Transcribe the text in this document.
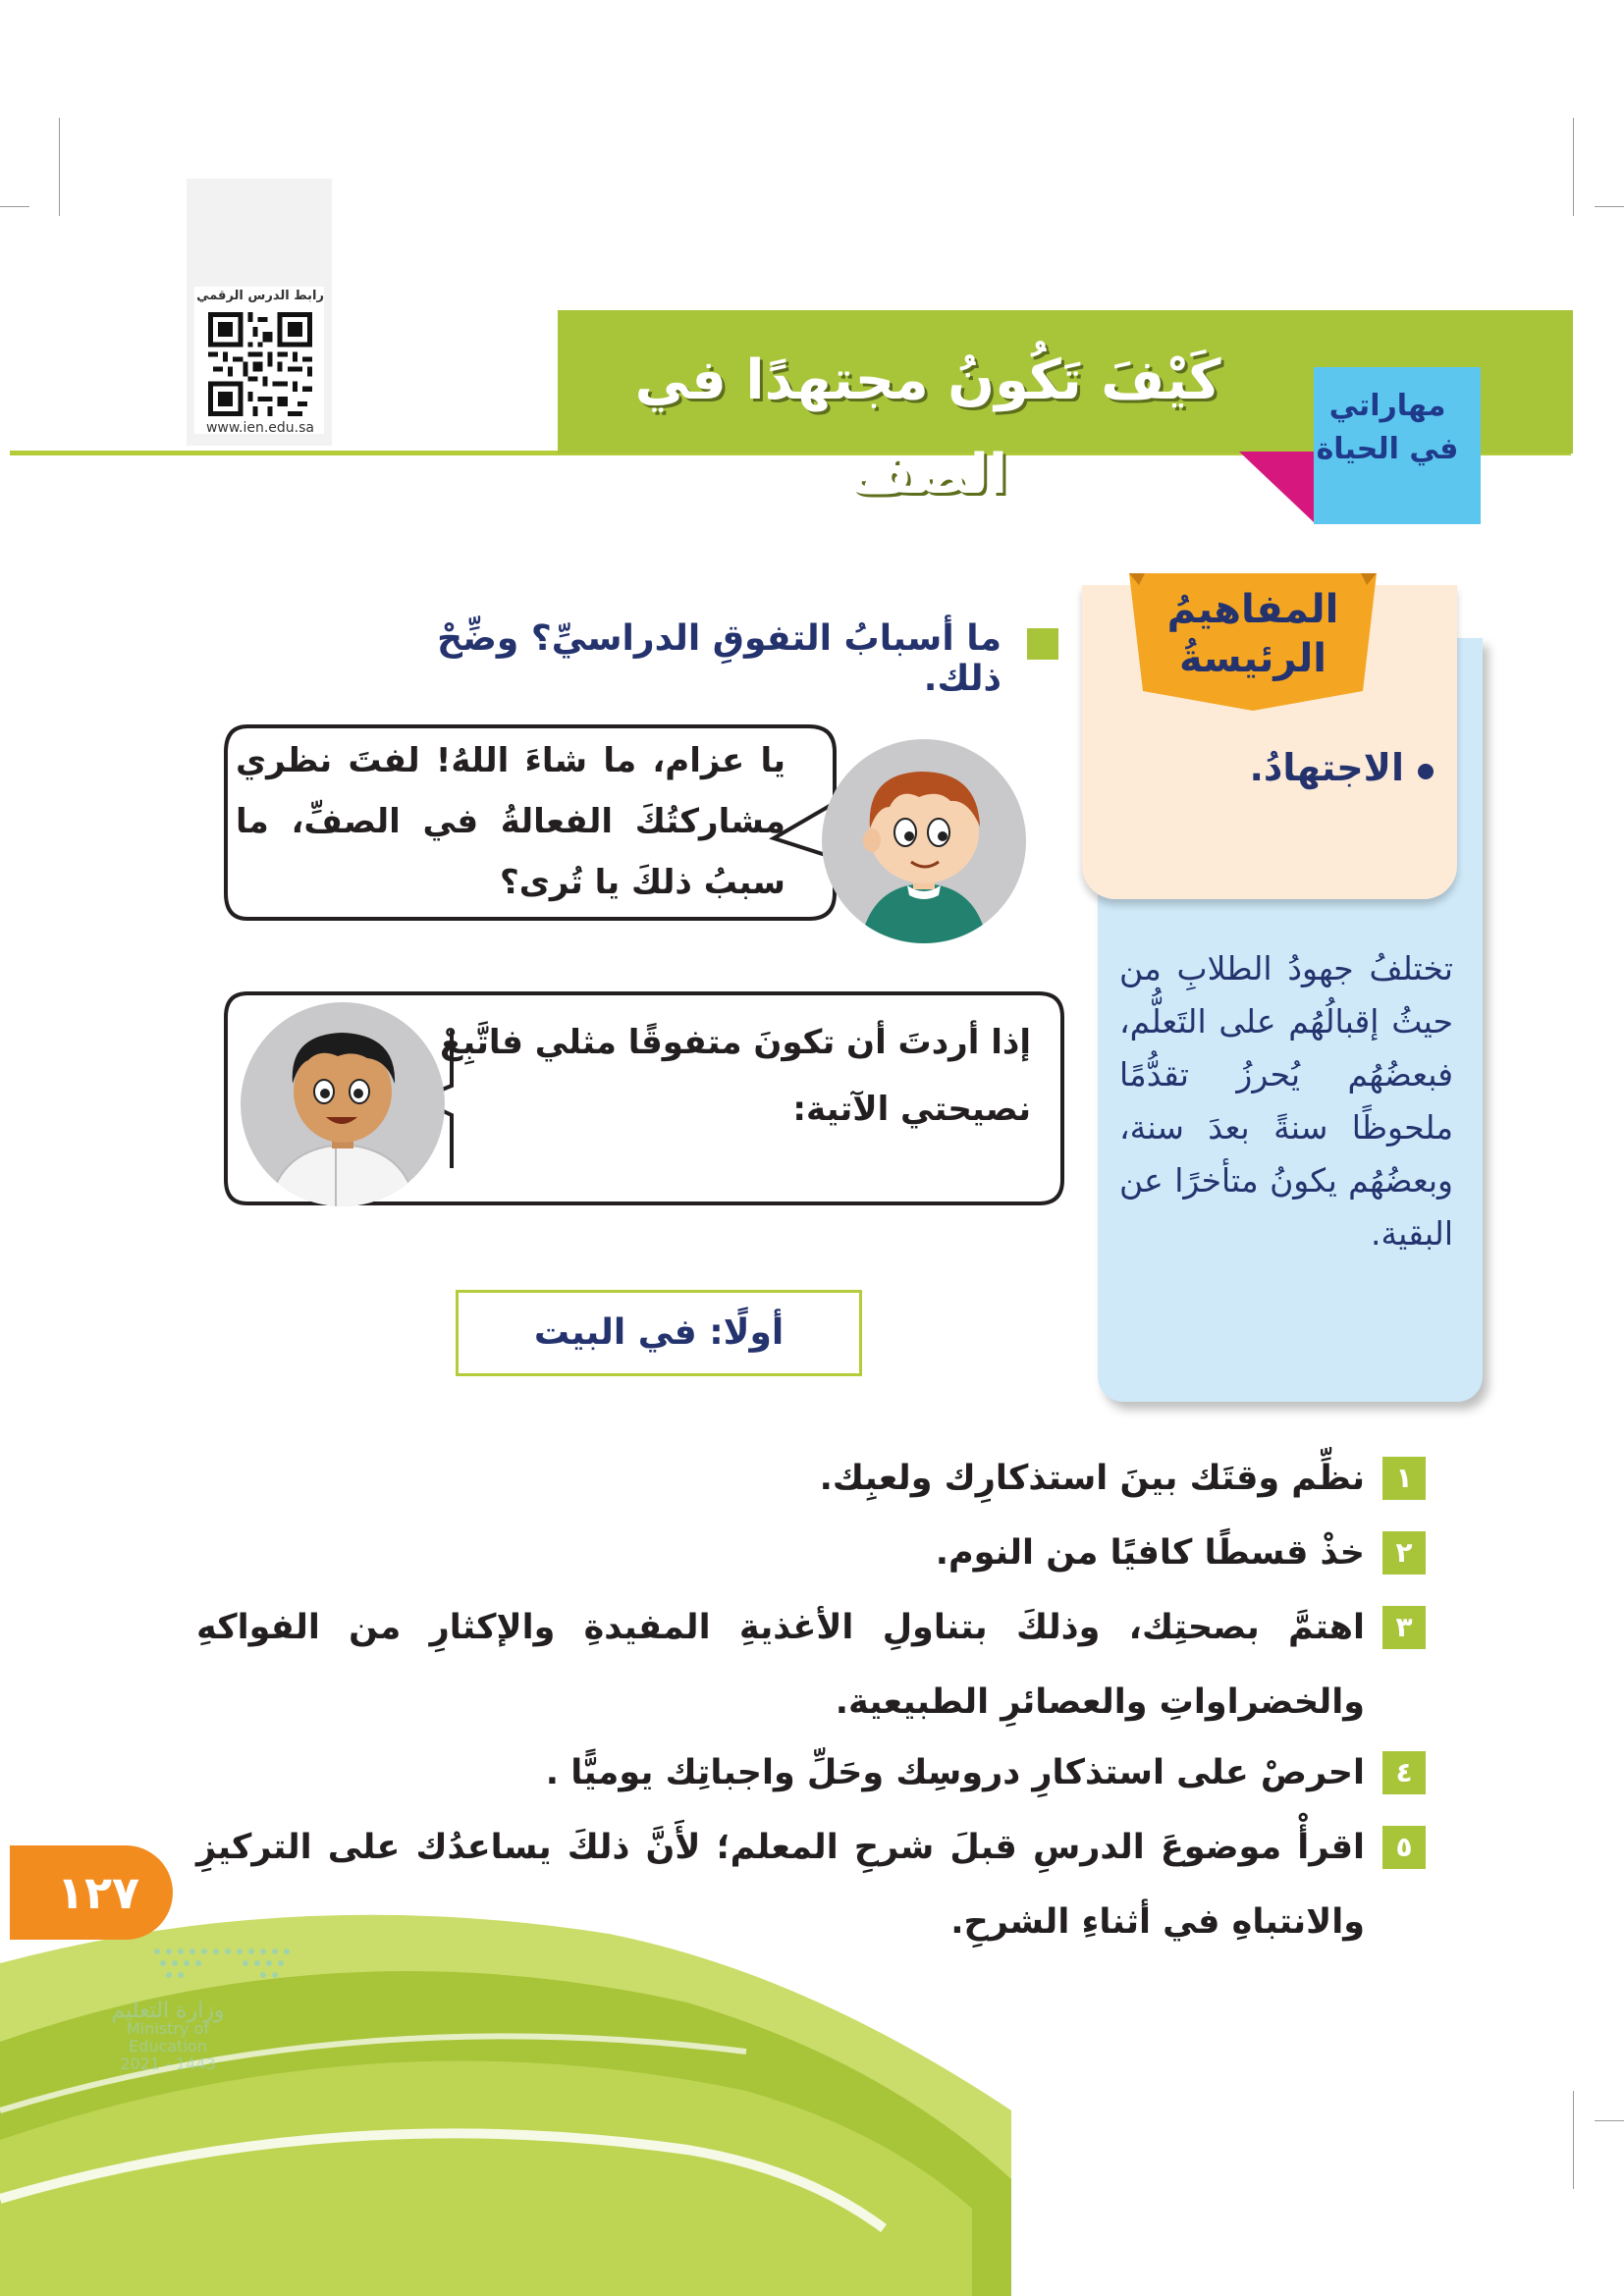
رابط الدرس الرقمي
www.ien.edu.sa
كَيْفَ تَكُونُ مجتهدًا في الصف
مهاراتي
في الحياة
المفاهيمُ
الرئيسةُ
الاجتهادُ.
تختلفُ جهودُ الطلابِ من حيثُ إقبالُهُم على التَعلُّم، فبعضُهُم يُحرزُ تقدُّمًا ملحوظًا سنةً بعدَ سنة، وبعضُهُم يكونُ متأخرًا عن البقية.
ما أسبابُ التفوقِ الدراسيِّ؟ وضِّحْ ذلك.
يا عزام، ما شاءَ اللهُ! لفتَ نظري مشاركتُكَ الفعالةُ في الصفِّ، ما سببُ ذلكَ يا تُرى؟
إذا أردتَ أن تكونَ متفوقًا مثلي فاتَّبِعْ نصيحتي الآتية:
أولًا: في البيت
١
نظِّم وقتَك بينَ استذكارِك ولعبِك.
٢
خذْ قسطًا كافيًا من النوم.
٣
اهتمَّ بصحتِك، وذلكَ بتناولِ الأغذيةِ المفيدةِ والإكثارِ من الفواكهِ والخضراواتِ والعصائرِ الطبيعية.
٤
احرصْ على استذكارِ دروسِك وحَلِّ واجباتِك يوميًّا .
٥
اقرأْ موضوعَ الدرسِ قبلَ شرحِ المعلم؛ لأَنَّ ذلكَ يساعدُك على التركيزِ والانتباهِ في أثناءِ الشرحِ.
١٢٧
وزارة التعليم
Ministry of Education
2021 - 1443
